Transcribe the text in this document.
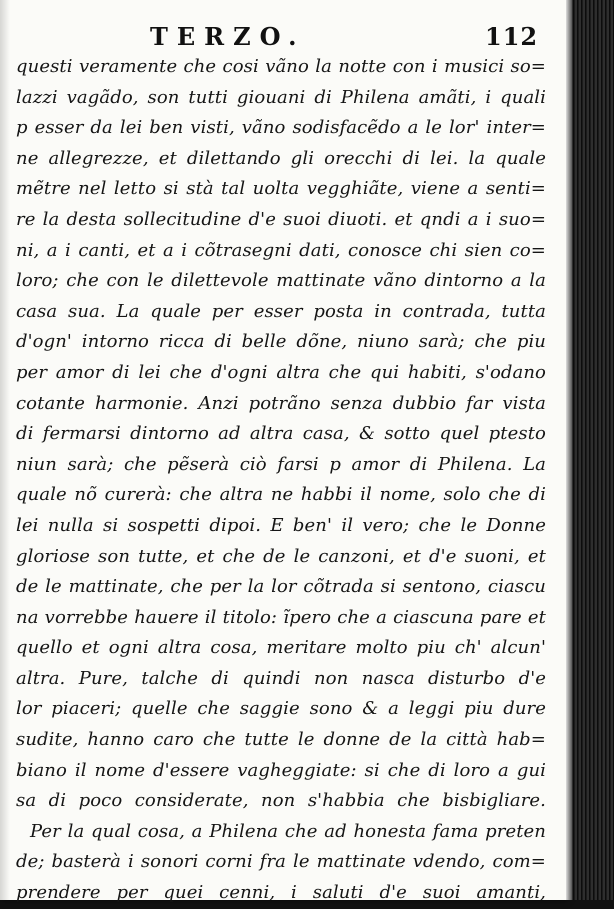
TERZO.	112
questi veramente che cosi vãno la notte con i musici so=
lazzi vagãdo, son tutti giouani di Philena amãti, i quali
p esser da lei ben visti, vãno sodisfacẽdo a le lor' inter=
ne allegrezze, et dilettando gli orecchi di lei. la quale
mẽtre nel letto si stà tal uolta vegghiãte, viene a senti=
re la desta sollecitudine d'e suoi diuoti. et qndi a i suo=
ni, a i canti, et a i cõtrasegni dati, conosce chi sien co=
loro; che con le dilettevole mattinate vãno dintorno a la
casa sua. La quale per esser posta in contrada, tutta
d'ogn' intorno ricca di belle dõne, niuno sarà; che piu
per amor di lei che d'ogni altra che qui habiti, s'odano
cotante harmonie. Anzi potrãno senza dubbio far vista
di fermarsi dintorno ad altra casa, & sotto quel ptesto
niun sarà; che pẽserà ciò farsi p amor di Philena. La
quale nõ curerà: che altra ne habbi il nome, solo che di
lei nulla si sospetti dipoi. E ben' il vero; che le Donne
gloriose son tutte, et che de le canzoni, et d'e suoni, et
de le mattinate, che per la lor cõtrada si sentono, ciascu
na vorrebbe hauere il titolo: ĩpero che a ciascuna pare et
quello et ogni altra cosa, meritare molto piu ch' alcun'
altra. Pure, talche di quindi non nasca disturbo d'e
lor piaceri; quelle che saggie sono & a leggi piu dure
sudite, hanno caro che tutte le donne de la città hab=
biano il nome d'essere vagheggiate: si che di loro a gui
sa di poco considerate, non s'habbia che bisbigliare.
Per la qual cosa, a Philena che ad honesta fama preten
de; basterà i sonori corni fra le mattinate vdendo, com=
prendere per quei cenni, i saluti d'e suoi amanti,
